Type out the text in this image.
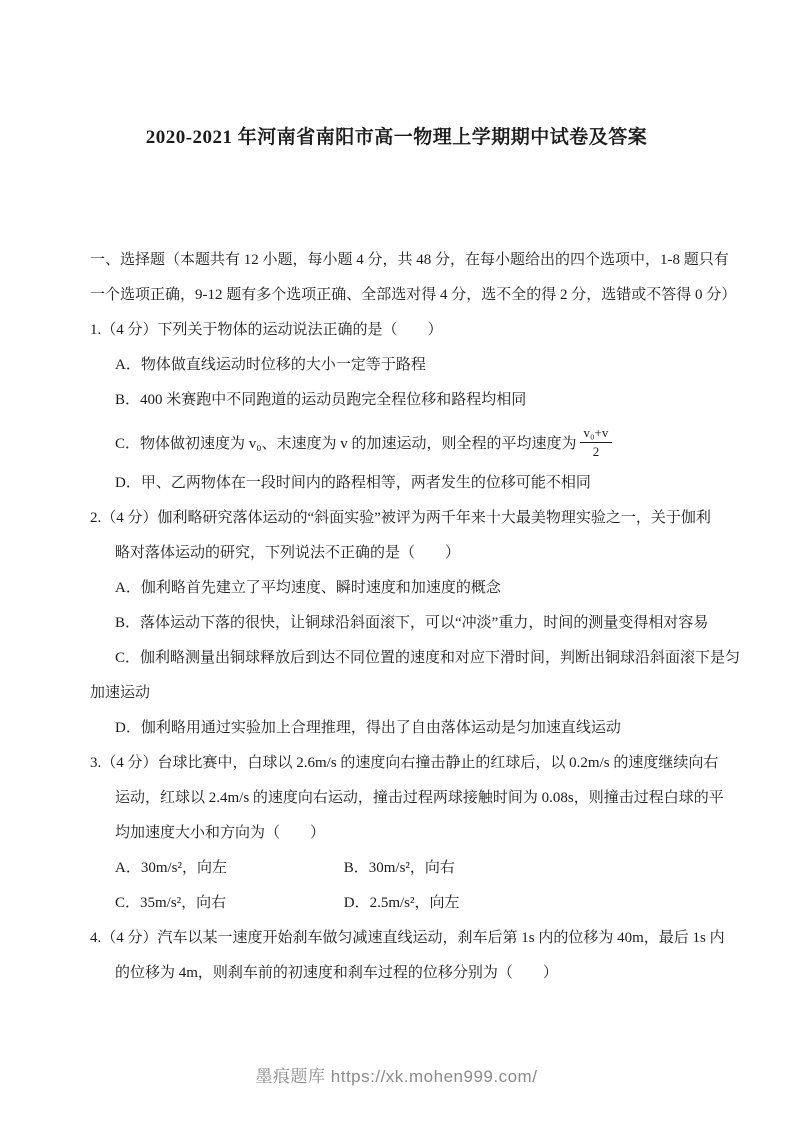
2020-2021 年河南省南阳市高一物理上学期期中试卷及答案
一、选择题（本题共有 12 小题，每小题 4 分，共 48 分，在每小题给出的四个选项中，1-8 题只有
一个选项正确，9-12 题有多个选项正确、全部选对得 4 分，选不全的得 2 分，选错或不答得 0 分）
1.（4 分）下列关于物体的运动说法正确的是（　　）
A．物体做直线运动时位移的大小一定等于路程
B．400 米赛跑中不同跑道的运动员跑完全程位移和路程均相同
C．物体做初速度为 v₀、末速度为 v 的加速运动，则全程的平均速度为 $\frac{\text{v₀+v}}{2}$
D．甲、乙两物体在一段时间内的路程相等，两者发生的位移可能不相同
2.（4 分）伽利略研究落体运动的“斜面实验”被评为两千年来十大最美物理实验之一，关于伽利
略对落体运动的研究，下列说法不正确的是（　　）
A．伽利略首先建立了平均速度、瞬时速度和加速度的概念
B．落体运动下落的很快，让铜球沿斜面滚下，可以“冲淡”重力，时间的测量变得相对容易
C．伽利略测量出铜球释放后到达不同位置的速度和对应下滑时间，判断出铜球沿斜面滚下是匀
加速运动
D．伽利略用通过实验加上合理推理，得出了自由落体运动是匀加速直线运动
3.（4 分）台球比赛中，白球以 2.6m/s 的速度向右撞击静止的红球后，以 0.2m/s 的速度继续向右
运动，红球以 2.4m/s 的速度向右运动，撞击过程两球接触时间为 0.08s，则撞击过程白球的平
均加速度大小和方向为（　　）
A．30m/s²，向左	B．30m/s²，向右
C．35m/s²，向右	D．2.5m/s²，向左
4.（4 分）汽车以某一速度开始刹车做匀减速直线运动，刹车后第 1s 内的位移为 40m，最后 1s 内
的位移为 4m，则刹车前的初速度和刹车过程的位移分别为（　　）
墨痕题库 https://xk.mohen999.com/
